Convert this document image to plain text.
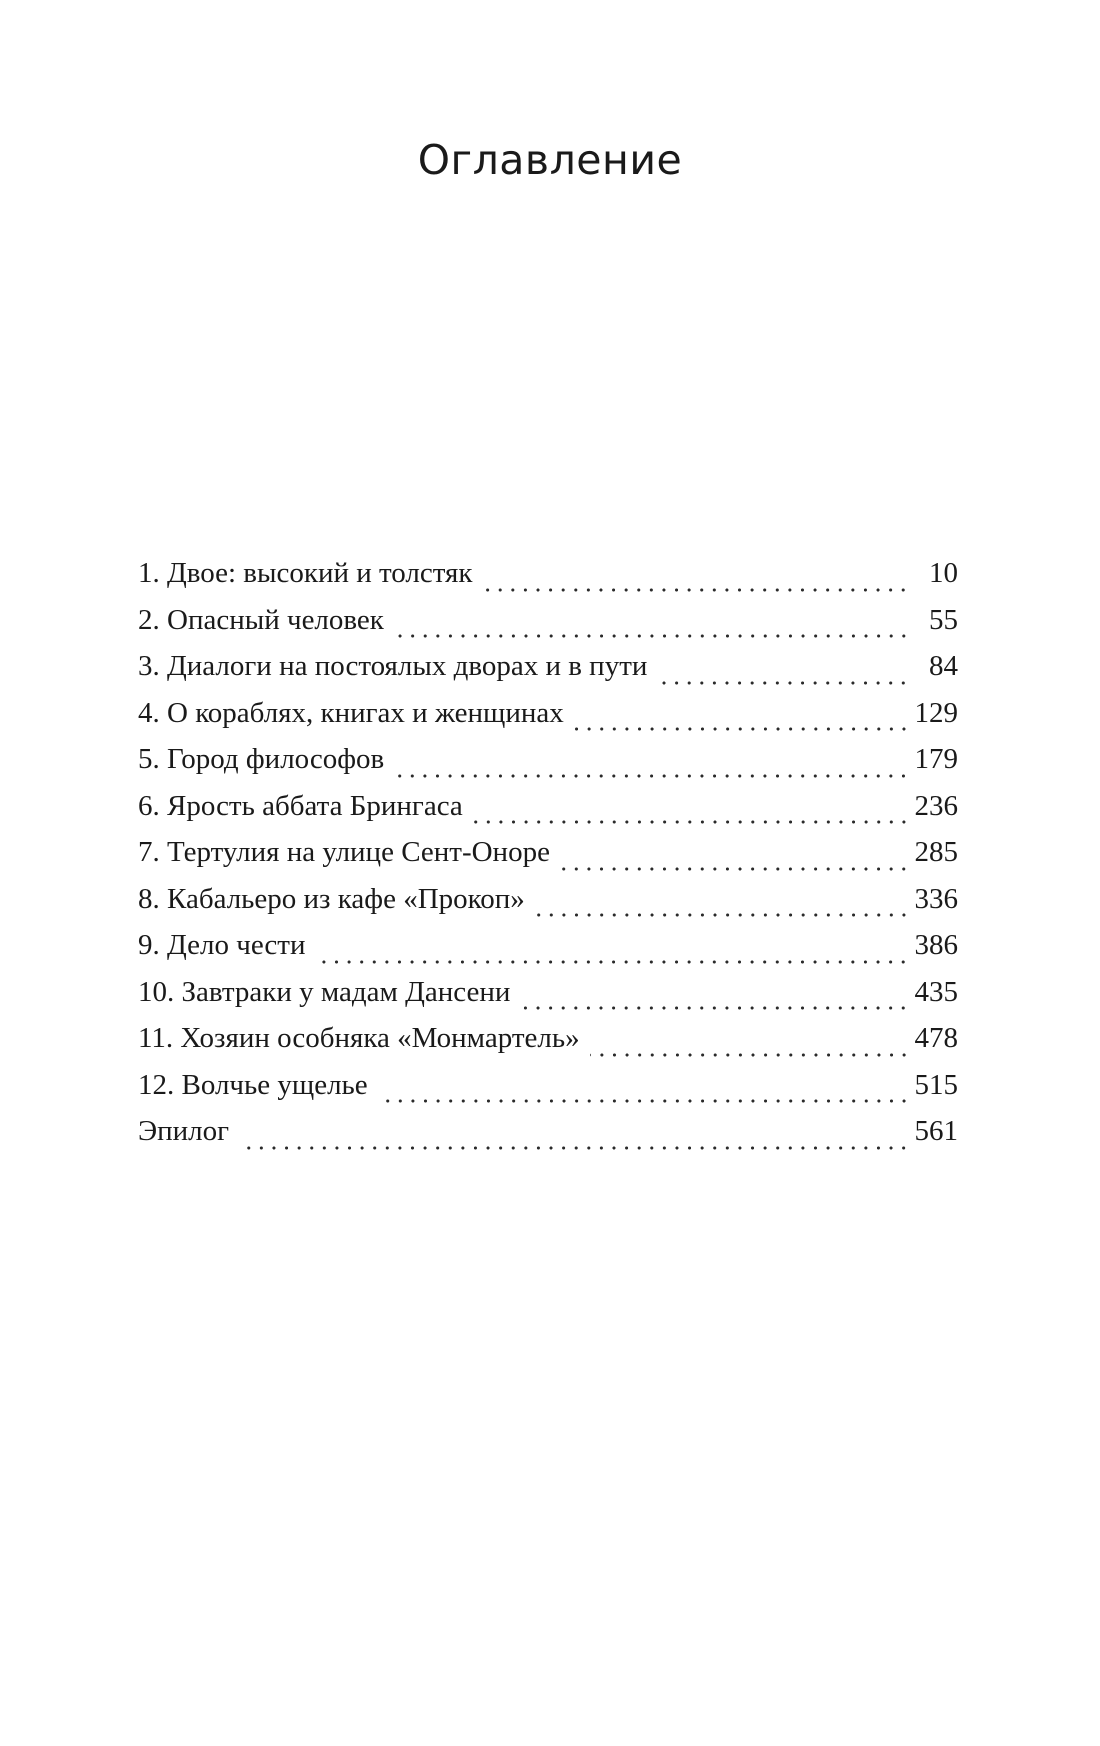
Оглавление
1. Двое: высокий и толстяк	10
2. Опасный человек	55
3. Диалоги на постоялых дворах и в пути	84
4. О кораблях, книгах и женщинах	129
5. Город философов	179
6. Ярость аббата Брингаса	236
7. Тертулия на улице Сент-Оноре	285
8. Кабальеро из кафе «Прокоп»	336
9. Дело чести	386
10. Завтраки у мадам Дансени	435
11. Хозяин особняка «Монмартель»	478
12. Волчье ущелье	515
Эпилог	561
